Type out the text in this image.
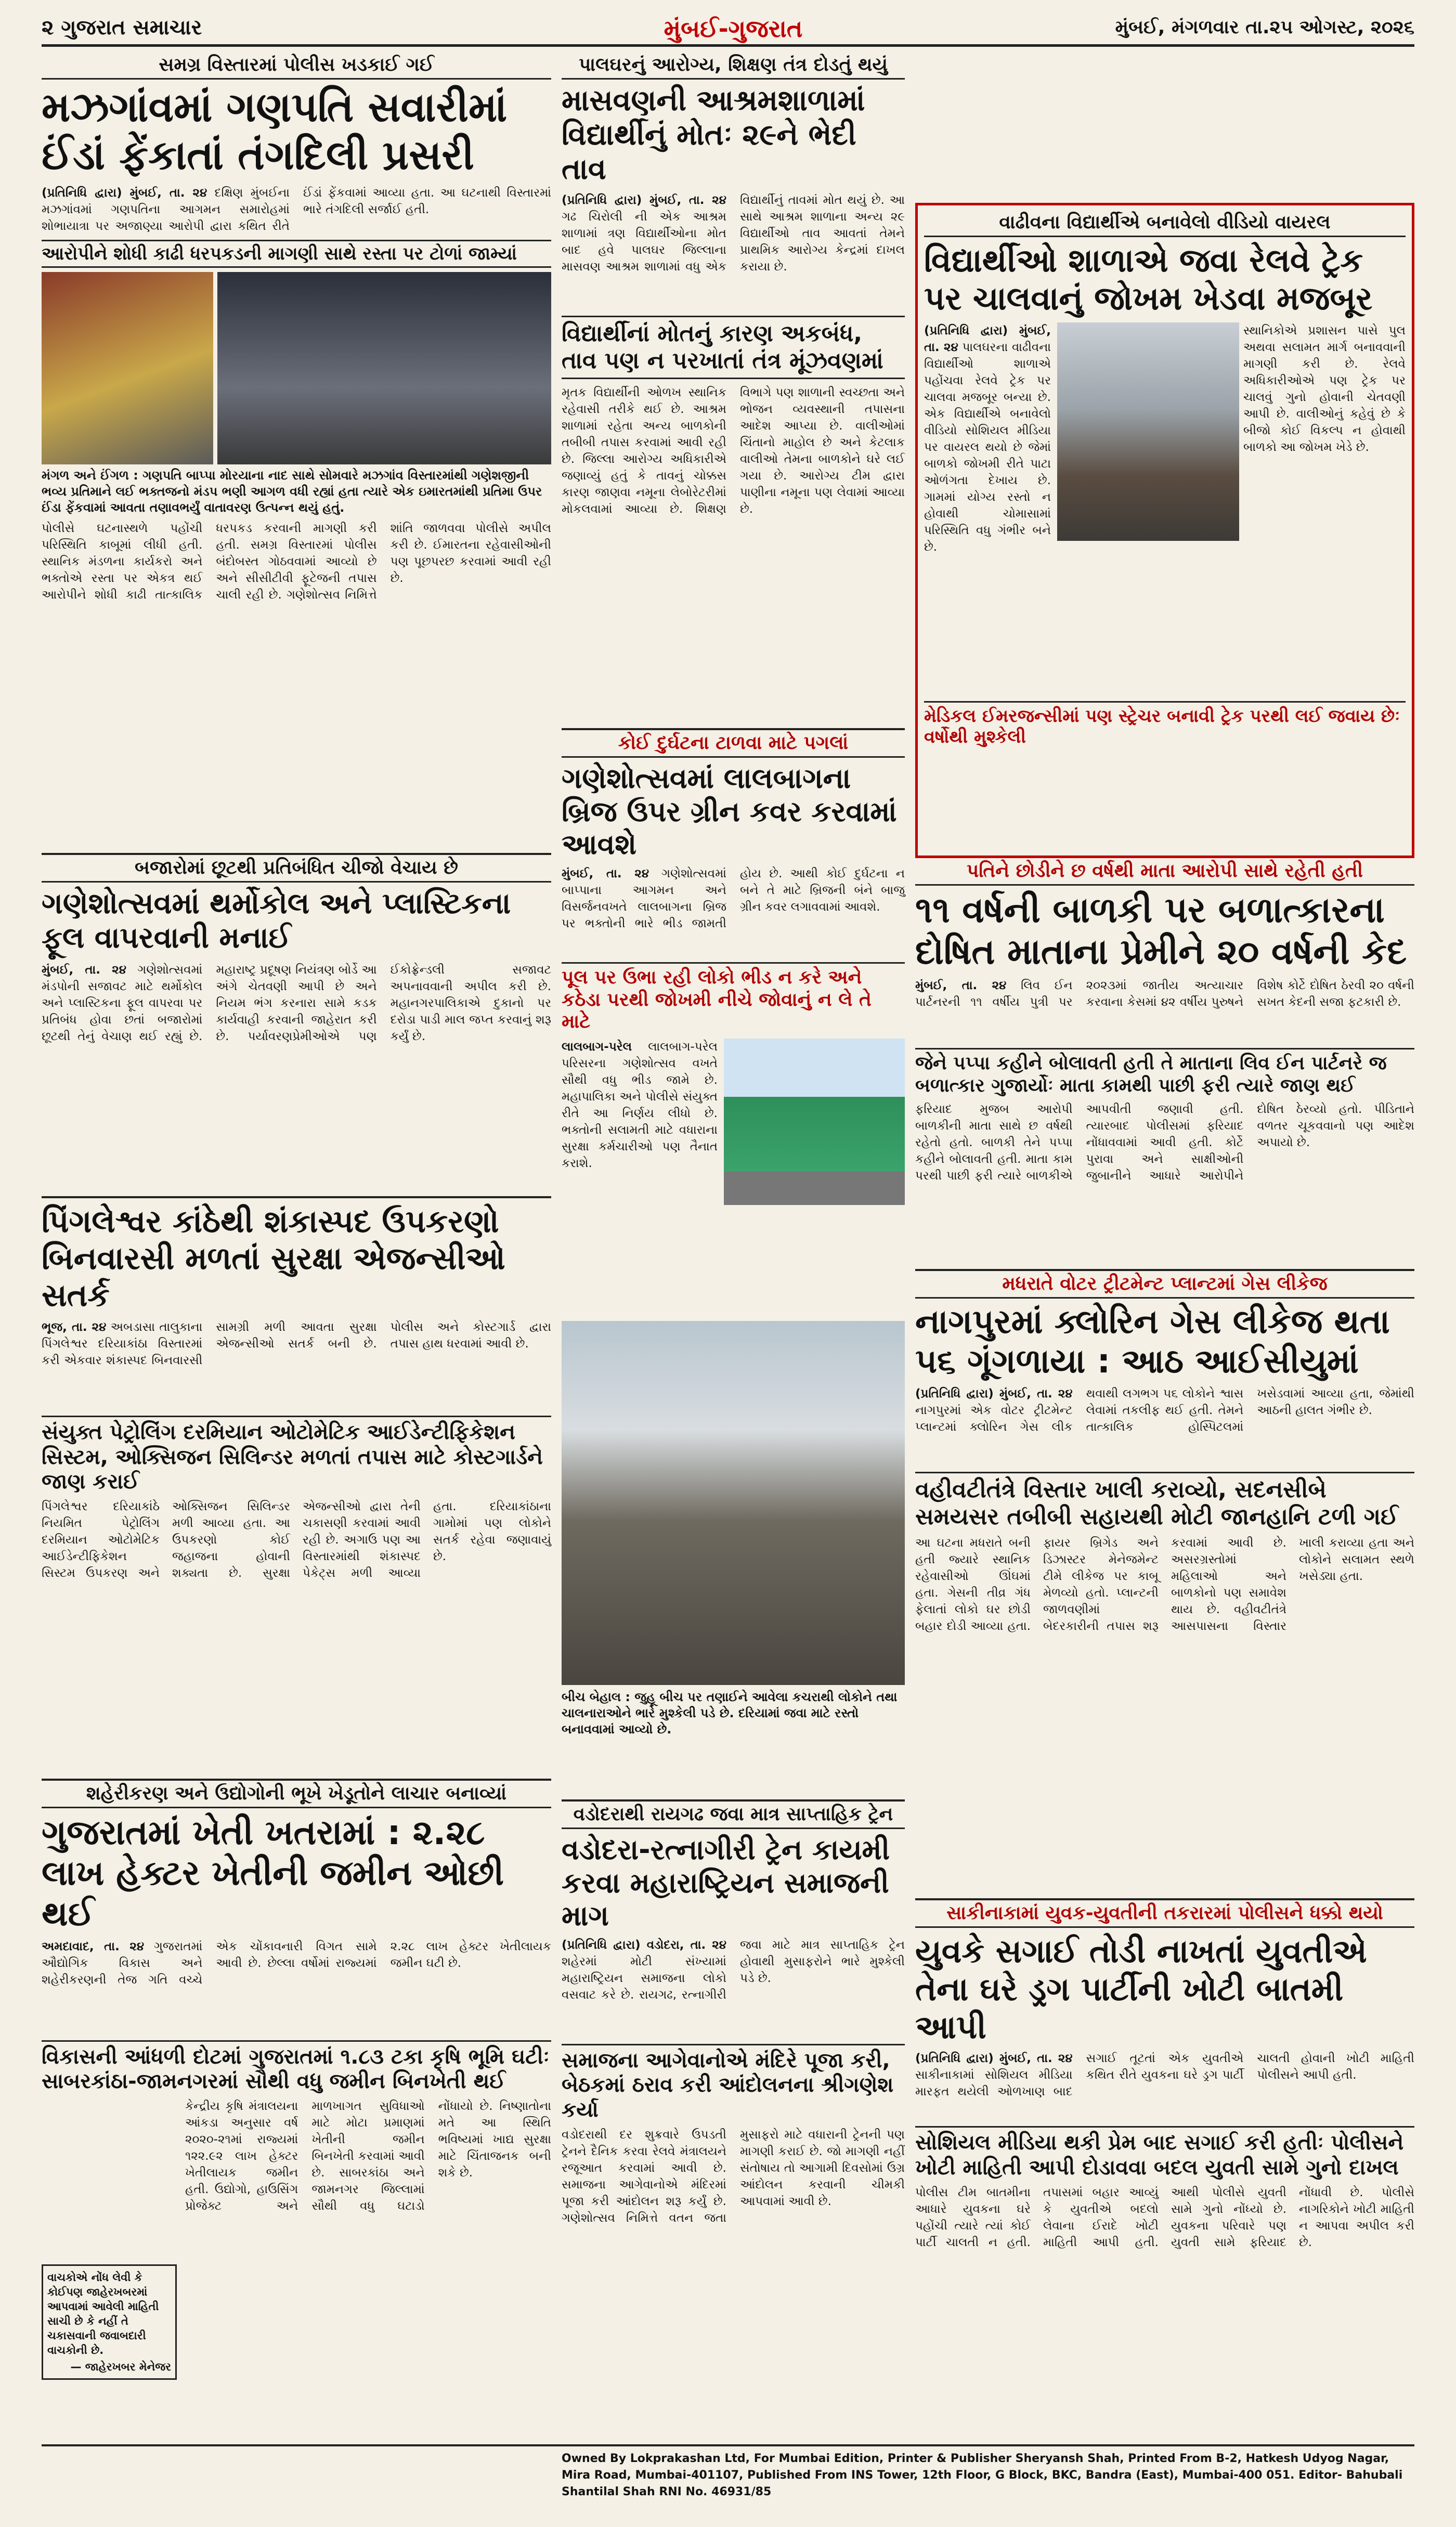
૨ ગુજરાત સમાચાર	મુંબઈ-ગુજરાત	મુંબઈ, મંગળવાર તા.૨૫ ઓગસ્ટ, ૨૦૨૬
સમગ્ર વિસ્તારમાં પોલીસ ખડકાઈ ગઈ
મઝગાંવમાં ગણપતિ સવારીમાં ઈંડાં ફેંકાતાં તંગદિલી પ્રસરી
(પ્રતિનિધિ દ્વારા) મુંબઈ, તા. ૨૪ દક્ષિણ મુંબઈના મઝગાંવમાં ગણપતિના આગમન સમારોહમાં શોભાયાત્રા પર અજાણ્યા આરોપી દ્વારા કથિત રીતે ઈંડાં ફેંકવામાં આવ્યા હતા. આ ઘટનાથી વિસ્તારમાં ભારે તંગદિલી સર્જાઈ હતી.
આરોપીને શોધી કાઢી ધરપકડની માગણી સાથે રસ્તા પર ટોળાં જામ્યાં
મંગળ અને ઈંગળ : ગણપતિ બાપ્પા મોરયાના નાદ સાથે સોમવારે મઝગાંવ વિસ્તારમાંથી ગણેશજીની ભવ્ય પ્રતિમાને લઈ ભક્તજનો મંડપ ભણી આગળ વધી રહ્યાં હતા ત્યારે એક ઇમારતમાંથી પ્રતિમા ઉપર ઈંડા ફેંકવામાં આવતા તણાવભર્યું વાતાવરણ ઉત્પન્ન થયું હતું.
પોલીસે ઘટનાસ્થળે પહોંચી પરિસ્થિતિ કાબૂમાં લીધી હતી. સ્થાનિક મંડળના કાર્યકરો અને ભક્તોએ રસ્તા પર એકત્ર થઈ આરોપીને શોધી કાઢી તાત્કાલિક ધરપકડ કરવાની માગણી કરી હતી. સમગ્ર વિસ્તારમાં પોલીસ બંદોબસ્ત ગોઠવવામાં આવ્યો છે અને સીસીટીવી ફૂટેજની તપાસ ચાલી રહી છે. ગણેશોત્સવ નિમિત્તે શાંતિ જાળવવા પોલીસે અપીલ કરી છે. ઈમારતના રહેવાસીઓની પણ પૂછપરછ કરવામાં આવી રહી છે.
બજારોમાં છૂટથી પ્રતિબંધિત ચીજો વેચાય છે
ગણેશોત્સવમાં થર્મોકોલ અને પ્લાસ્ટિકના ફૂલ વાપરવાની મનાઈ
મુંબઈ, તા. ૨૪ ગણેશોત્સવમાં મંડપોની સજાવટ માટે થર્મોકોલ અને પ્લાસ્ટિકના ફૂલ વાપરવા પર પ્રતિબંધ હોવા છતાં બજારોમાં છૂટથી તેનું વેચાણ થઈ રહ્યું છે. મહારાષ્ટ્ર પ્રદૂષણ નિયંત્રણ બોર્ડે આ અંગે ચેતવણી આપી છે અને નિયમ ભંગ કરનારા સામે કડક કાર્યવાહી કરવાની જાહેરાત કરી છે. પર્યાવરણપ્રેમીઓએ પણ ઈકોફ્રેન્ડલી સજાવટ અપનાવવાની અપીલ કરી છે. મહાનગરપાલિકાએ દુકાનો પર દરોડા પાડી માલ જપ્ત કરવાનું શરૂ કર્યું છે.
પાલઘરનું આરોગ્ય, શિક્ષણ તંત્ર દોડતું થયું
માસવણની આશ્રમશાળામાં વિદ્યાર્થીનું મોતઃ ૨૯ને ભેદી તાવ
(પ્રતિનિધિ દ્વારા) મુંબઈ, તા. ૨૪ ગઢ ચિરોલી ની એક આશ્રમ શાળામાં ત્રણ વિદ્યાર્થીઓના મોત બાદ હવે પાલઘર જિલ્લાના માસવણ આશ્રમ શાળામાં વધુ એક વિદ્યાર્થીનું તાવમાં મોત થયું છે. આ સાથે આશ્રમ શાળાના અન્ય ૨૯ વિદ્યાર્થીઓ તાવ આવતાં તેમને પ્રાથમિક આરોગ્ય કેન્દ્રમાં દાખલ કરાયા છે.
વિદ્યાર્થીનાં મોતનું કારણ અકબંધ, તાવ પણ ન પરખાતાં તંત્ર મૂંઝવણમાં
મૃતક વિદ્યાર્થીની ઓળખ સ્થાનિક રહેવાસી તરીકે થઈ છે. આશ્રમ શાળામાં રહેતા અન્ય બાળકોની તબીબી તપાસ કરવામાં આવી રહી છે. જિલ્લા આરોગ્ય અધિકારીએ જણાવ્યું હતું કે તાવનું ચોક્કસ કારણ જાણવા નમૂના લેબોરેટરીમાં મોકલવામાં આવ્યા છે. શિક્ષણ વિભાગે પણ શાળાની સ્વચ્છતા અને ભોજન વ્યવસ્થાની તપાસના આદેશ આપ્યા છે. વાલીઓમાં ચિંતાનો માહોલ છે અને કેટલાક વાલીઓ તેમના બાળકોને ઘરે લઈ ગયા છે. આરોગ્ય ટીમ દ્વારા પાણીના નમૂના પણ લેવામાં આવ્યા છે.
કોઈ દુર્ઘટના ટાળવા માટે પગલાં
ગણેશોત્સવમાં લાલબાગના બ્રિજ ઉપર ગ્રીન કવર કરવામાં આવશે
મુંબઈ, તા. ૨૪ ગણેશોત્સવમાં બાપ્પાના આગમન અને વિસર્જનવખતે લાલબાગના બ્રિજ પર ભક્તોની ભારે ભીડ જામતી હોય છે. આથી કોઈ દુર્ઘટના ન બને તે માટે બ્રિજની બંને બાજુ ગ્રીન કવર લગાવવામાં આવશે.
પૂલ પર ઉભા રહી લોકો ભીડ ન કરે અને કઠેડા પરથી જોખમી નીચે જોવાનું ન લે તે માટે
લાલબાગ-પરેલ લાલબાગ-પરેલ પરિસરના ગણેશોત્સવ વખતે સૌથી વધુ ભીડ જામે છે. મહાપાલિકા અને પોલીસે સંયુક્ત રીતે આ નિર્ણય લીધો છે. ભક્તોની સલામતી માટે વધારાના સુરક્ષા કર્મચારીઓ પણ તૈનાત કરાશે.
વાઢીવના વિદ્યાર્થીએ બનાવેલો વીડિયો વાયરલ
વિદ્યાર્થીઓ શાળાએ જવા રેલવે ટ્રેક પર ચાલવાનું જોખમ ખેડવા મજબૂર
(પ્રતિનિધિ દ્વારા) મુંબઈ, તા. ૨૪ પાલઘરના વાઢીવના વિદ્યાર્થીઓ શાળાએ પહોંચવા રેલવે ટ્રેક પર ચાલવા મજબૂર બન્યા છે. એક વિદ્યાર્થીએ બનાવેલો વીડિયો સોશિયલ મીડિયા પર વાયરલ થયો છે જેમાં બાળકો જોખમી રીતે પાટા ઓળંગતા દેખાય છે. ગામમાં યોગ્ય રસ્તો ન હોવાથી ચોમાસામાં પરિસ્થિતિ વધુ ગંભીર બને છે.
સ્થાનિકોએ પ્રશાસન પાસે પુલ અથવા સલામત માર્ગ બનાવવાની માગણી કરી છે. રેલવે અધિકારીઓએ પણ ટ્રેક પર ચાલવું ગુનો હોવાની ચેતવણી આપી છે. વાલીઓનું કહેવું છે કે બીજો કોઈ વિકલ્પ ન હોવાથી બાળકો આ જોખમ ખેડે છે.
મેડિકલ ઈમરજન્સીમાં પણ સ્ટ્રેચર બનાવી ટ્રેક પરથી લઈ જવાય છેઃ વર્ષોથી મુશ્કેલી
પતિને છોડીને છ વર્ષથી માતા આરોપી સાથે રહેતી હતી
૧૧ વર્ષની બાળકી પર બળાત્કારના દોષિત માતાના પ્રેમીને ૨૦ વર્ષની કેદ
મુંબઈ, તા. ૨૪ લિવ ઈન પાર્ટનરની ૧૧ વર્ષીય પુત્રી પર ૨૦૨૩માં જાતીય અત્યાચાર કરવાના કેસમાં ૪૨ વર્ષીય પુરુષને વિશેષ કોર્ટે દોષિત ઠેરવી ૨૦ વર્ષની સખત કેદની સજા ફટકારી છે.
જેને પપ્પા કહીને બોલાવતી હતી તે માતાના લિવ ઈન પાર્ટનરે જ બળાત્કાર ગુજાર્યોઃ માતા કામથી પાછી ફરી ત્યારે જાણ થઈ
ફરિયાદ મુજબ આરોપી બાળકીની માતા સાથે છ વર્ષથી રહેતો હતો. બાળકી તેને પપ્પા કહીને બોલાવતી હતી. માતા કામ પરથી પાછી ફરી ત્યારે બાળકીએ આપવીતી જણાવી હતી. ત્યારબાદ પોલીસમાં ફરિયાદ નોંધાવવામાં આવી હતી. કોર્ટે પુરાવા અને સાક્ષીઓની જુબાનીને આધારે આરોપીને દોષિત ઠેરવ્યો હતો. પીડિતાને વળતર ચૂકવવાનો પણ આદેશ અપાયો છે.
પિંગલેશ્વર કાંઠેથી શંકાસ્પદ ઉપકરણો બિનવારસી મળતાં સુરક્ષા એજન્સીઓ સતર્ક
ભૂજ, તા. ૨૪ અબડાસા તાલુકાના પિંગલેશ્વર દરિયાકાંઠા વિસ્તારમાં કરી એકવાર શંકાસ્પદ બિનવારસી સામગ્રી મળી આવતા સુરક્ષા એજન્સીઓ સતર્ક બની છે. પોલીસ અને કોસ્ટગાર્ડ દ્વારા તપાસ હાથ ધરવામાં આવી છે.
સંયુક્ત પેટ્રોલિંગ દરમિયાન ઓટોમેટિક આઈડેન્ટીફિકેશન સિસ્ટમ, ઓક્સિજન સિલિન્ડર મળતાં તપાસ માટે કોસ્ટગાર્ડને જાણ કરાઈ
પિંગલેશ્વર દરિયાકાંઠે નિયમિત પેટ્રોલિંગ દરમિયાન ઓટોમેટિક આઈડેન્ટીફિકેશન સિસ્ટમ ઉપકરણ અને ઓક્સિજન સિલિન્ડર મળી આવ્યા હતા. આ ઉપકરણો કોઈ જહાજના હોવાની શક્યતા છે. સુરક્ષા એજન્સીઓ દ્વારા તેની ચકાસણી કરવામાં આવી રહી છે. અગાઉ પણ આ વિસ્તારમાંથી શંકાસ્પદ પેકેટ્સ મળી આવ્યા હતા. દરિયાકાંઠાના ગામોમાં પણ લોકોને સતર્ક રહેવા જણાવાયું છે.
બીચ બેહાલ : જુહૂ બીચ પર તણાઈને આવેલા કચરાથી લોકોને તથા ચાલનારાઓને ભારે મુશ્કેલી પડે છે. દરિયામાં જવા માટે રસ્તો બનાવવામાં આવ્યો છે.
મધરાતે વોટર ટ્રીટમેન્ટ પ્લાન્ટમાં ગેસ લીકેજ
નાગપુરમાં ક્લોરિન ગેસ લીકેજ થતા ૫૬ ગૂંગળાયા : આઠ આઈસીયુમાં
(પ્રતિનિધિ દ્વારા) મુંબઈ, તા. ૨૪ નાગપુરમાં એક વોટર ટ્રીટમેન્ટ પ્લાન્ટમાં ક્લોરિન ગેસ લીક થવાથી લગભગ ૫૬ લોકોને શ્વાસ લેવામાં તકલીફ થઈ હતી. તેમને તાત્કાલિક હોસ્પિટલમાં ખસેડવામાં આવ્યા હતા, જેમાંથી આઠની હાલત ગંભીર છે.
વહીવટીતંત્રે વિસ્તાર ખાલી કરાવ્યો, સદનસીબે સમયસર તબીબી સહાયથી મોટી જાનહાનિ ટળી ગઈ
આ ઘટના મધરાતે બની હતી જ્યારે સ્થાનિક રહેવાસીઓ ઊંઘમાં હતા. ગેસની તીવ્ર ગંધ ફેલાતાં લોકો ઘર છોડી બહાર દોડી આવ્યા હતા. ફાયર બ્રિગેડ અને ડિઝાસ્ટર મેનેજમેન્ટ ટીમે લીકેજ પર કાબૂ મેળવ્યો હતો. પ્લાન્ટની જાળવણીમાં બેદરકારીની તપાસ શરૂ કરવામાં આવી છે. અસરગ્રસ્તોમાં મહિલાઓ અને બાળકોનો પણ સમાવેશ થાય છે. વહીવટીતંત્રે આસપાસના વિસ્તાર ખાલી કરાવ્યા હતા અને લોકોને સલામત સ્થળે ખસેડ્યા હતા.
શહેરીકરણ અને ઉદ્યોગોની ભૂખે ખેડૂતોને લાચાર બનાવ્યાં
ગુજરાતમાં ખેતી ખતરામાં : ૨.૨૮ લાખ હેક્ટર ખેતીની જમીન ઓછી થઈ
અમદાવાદ, તા. ૨૪ ગુજરાતમાં ઔદ્યોગિક વિકાસ અને શહેરીકરણની તેજ ગતિ વચ્ચે એક ચોંકાવનારી વિગત સામે આવી છે. છેલ્લા વર્ષોમાં રાજ્યમાં ૨.૨૮ લાખ હેક્ટર ખેતીલાયક જમીન ઘટી છે.
વિકાસની આંધળી દોટમાં ગુજરાતમાં ૧.૮૩ ટકા કૃષિ ભૂમિ ઘટીઃ સાબરકાંઠા-જામનગરમાં સૌથી વધુ જમીન બિનખેતી થઈ
વાચકોએ નોંધ લેવી કે કોઈપણ જાહેરખબરમાં આપવામાં આવેલી માહિતી સાચી છે કે નહીં તે ચકાસવાની જવાબદારી વાચકોની છે.
— જાહેરખબર મેનેજર
કેન્દ્રીય કૃષિ મંત્રાલયના આંકડા અનુસાર વર્ષ ૨૦૨૦-૨૧માં રાજ્યમાં ૧૨૨.૯૨ લાખ હેક્ટર ખેતીલાયક જમીન હતી. ઉદ્યોગો, હાઉસિંગ પ્રોજેક્ટ અને માળખાગત સુવિધાઓ માટે મોટા પ્રમાણમાં ખેતીની જમીન બિનખેતી કરવામાં આવી છે. સાબરકાંઠા અને જામનગર જિલ્લામાં સૌથી વધુ ઘટાડો નોંધાયો છે. નિષ્ણાતોના મતે આ સ્થિતિ ભવિષ્યમાં ખાદ્ય સુરક્ષા માટે ચિંતાજનક બની શકે છે.
વડોદરાથી રાયગઢ જવા માત્ર સાપ્તાહિક ટ્રેન
વડોદરા-રત્નાગીરી ટ્રેન કાયમી કરવા મહારાષ્ટ્રિયન સમાજની માગ
(પ્રતિનિધિ દ્વારા) વડોદરા, તા. ૨૪ શહેરમાં મોટી સંખ્યામાં મહારાષ્ટ્રિયન સમાજના લોકો વસવાટ કરે છે. રાયગઢ, રત્નાગીરી જવા માટે માત્ર સાપ્તાહિક ટ્રેન હોવાથી મુસાફરોને ભારે મુશ્કેલી પડે છે.
સમાજના આગેવાનોએ મંદિરે પૂજા કરી, બેઠકમાં ઠરાવ કરી આંદોલનના શ્રીગણેશ કર્યા
વડોદરાથી દર શુક્રવારે ઉપડતી ટ્રેનને દૈનિક કરવા રેલવે મંત્રાલયને રજૂઆત કરવામાં આવી છે. સમાજના આગેવાનોએ મંદિરમાં પૂજા કરી આંદોલન શરૂ કર્યું છે. ગણેશોત્સવ નિમિત્તે વતન જતા મુસાફરો માટે વધારાની ટ્રેનની પણ માગણી કરાઈ છે. જો માગણી નહીં સંતોષાય તો આગામી દિવસોમાં ઉગ્ર આંદોલન કરવાની ચીમકી આપવામાં આવી છે.
સાકીનાકામાં યુવક-યુવતીની તકરારમાં પોલીસને ધક્કો થયો
યુવકે સગાઈ તોડી નાખતાં યુવતીએ તેના ઘરે ડ્રગ પાર્ટીની ખોટી બાતમી આપી
(પ્રતિનિધિ દ્વારા) મુંબઈ, તા. ૨૪ સાકીનાકામાં સોશિયલ મીડિયા મારફત થયેલી ઓળખાણ બાદ સગાઈ તૂટતાં એક યુવતીએ કથિત રીતે યુવકના ઘરે ડ્રગ પાર્ટી ચાલતી હોવાની ખોટી માહિતી પોલીસને આપી હતી.
સોશિયલ મીડિયા થકી પ્રેમ બાદ સગાઈ કરી હતીઃ પોલીસને ખોટી માહિતી આપી દોડાવવા બદલ યુવતી સામે ગુનો દાખલ
પોલીસ ટીમ બાતમીના આધારે યુવકના ઘરે પહોંચી ત્યારે ત્યાં કોઈ પાર્ટી ચાલતી ન હતી. તપાસમાં બહાર આવ્યું કે યુવતીએ બદલો લેવાના ઈરાદે ખોટી માહિતી આપી હતી. આથી પોલીસે યુવતી સામે ગુનો નોંધ્યો છે. યુવકના પરિવારે પણ યુવતી સામે ફરિયાદ નોંધાવી છે. પોલીસે નાગરિકોને ખોટી માહિતી ન આપવા અપીલ કરી છે.
Owned By Lokprakashan Ltd, For Mumbai Edition, Printer & Publisher Sheryansh Shah, Printed From B-2, Hatkesh Udyog Nagar, Mira Road, Mumbai-401107, Published From INS Tower, 12th Floor, G Block, BKC, Bandra (East), Mumbai-400 051. Editor- Bahubali Shantilal Shah RNI No. 46931/85
